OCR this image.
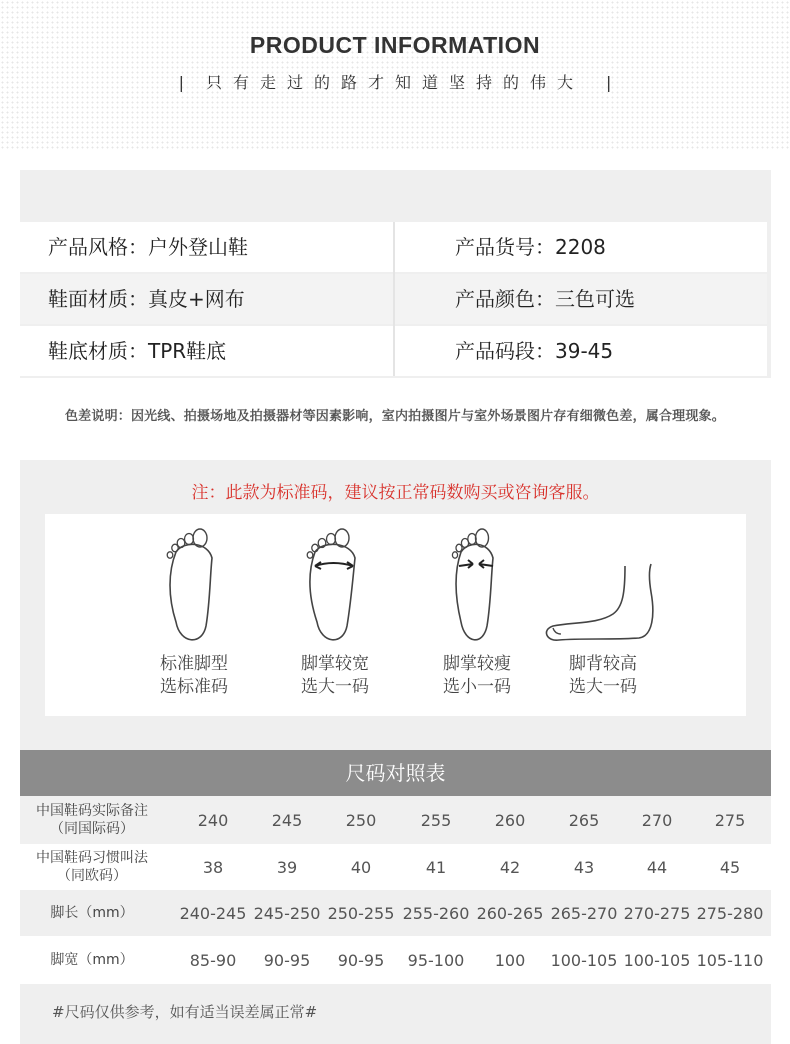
PRODUCT INFORMATION
| 只有走过的路才知道坚持的伟大 |
产品风格：户外登山鞋	产品货号：2208
鞋面材质：真皮+网布	产品颜色：三色可选
鞋底材质：TPR鞋底	产品码段：39-45
色差说明：因光线、拍摄场地及拍摄器材等因素影响，室内拍摄图片与室外场景图片存有细微色差，属合理现象。
注：此款为标准码，建议按正常码数购买或咨询客服。
标准脚型
选标准码
脚掌较宽
选大一码
脚掌较瘦
选小一码
脚背较高
选大一码
尺码对照表
中国鞋码实际备注
（同国际码）	240	245	250	255	260	265	270	275
中国鞋码习惯叫法
（同欧码）	38	39	40	41	42	43	44	45
脚长（mm）	240-245 245-250 250-255 255-260 260-265 265-270 270-275 275-280
脚宽（mm）	85-90	90-95	90-95	95-100	100	100-105 100-105 105-110
#尺码仅供参考，如有适当误差属正常#
